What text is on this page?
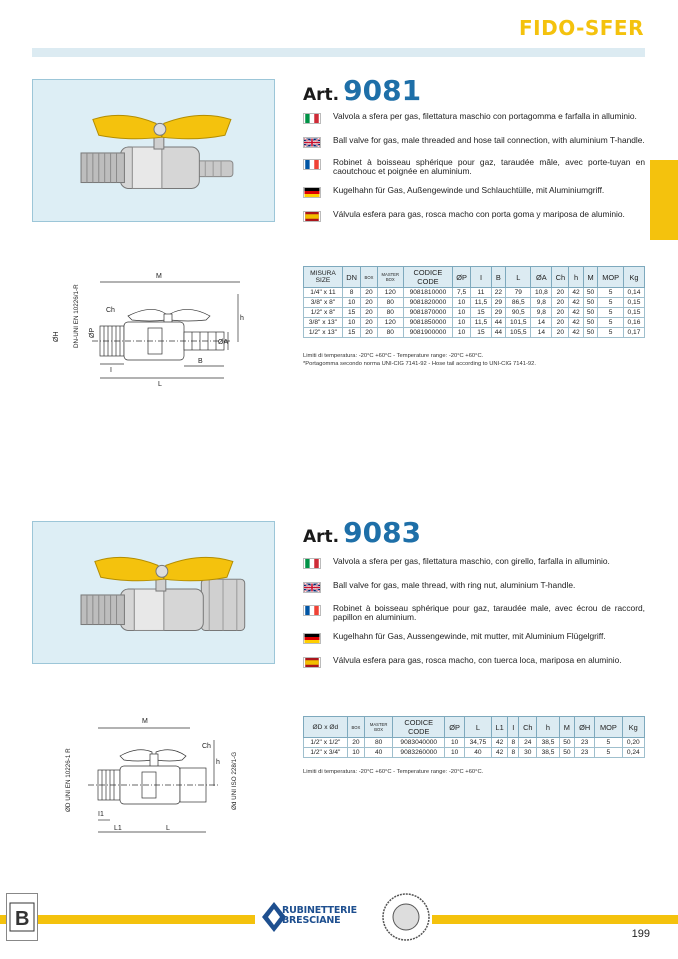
FIDO-SFER
Art. 9081
Valvola a sfera per gas, filettatura maschio con portagomma e farfalla in alluminio.
Ball valve for gas, male threaded and hose tail connection, with aluminium T-handle.
Robinet à boisseau sphérique pour gaz, taraudée mâle, avec porte-tuyan en caoutchouc et poignée en aluminium.
Kugelhahn für Gas, Außengewinde und Schlauchtülle, mit Aluminiumgriff.
Válvula esfera para gas, rosca macho con porta goma y mariposa de aluminio.
M
Ch
h
ØA
ØH DN-UNI EN 10226/1-R ØP
I
B
L
MISURA
SIZE	DN	BOX	MASTER
BOX	CODICE
CODE	ØP	I	B	L	ØA	Ch	h	M	MOP	Kg
1/4" x 11	8	20	120	9081810000	7,5	11	22	79	10,8	20	42	50	5	0,14
3/8" x 8"	10	20	80	9081820000	10	11,5	29	86,5	9,8	20	42	50	5	0,15
1/2" x 8"	15	20	80	9081870000	10	15	29	90,5	9,8	20	42	50	5	0,15
3/8" x 13"	10	20	120	9081850000	10	11,5	44	101,5	14	20	42	50	5	0,16
1/2" x 13"	15	20	80	9081900000	10	15	44	105,5	14	20	42	50	5	0,17
Limiti di temperatura: -20°C +60°C - Temperature range: -20°C +60°C.
*Portagomma secondo norma UNI-CIG 7141-92 - Hose tail according to UNI-CIG 7141-92.
Art. 9083
Valvola a sfera per gas, filettatura maschio, con girello, farfalla in alluminio.
Ball valve for gas, male thread, with ring nut, aluminium T-handle.
Robinet à boisseau sphérique pour gaz, taraudée male, avec écrou de raccord, papillon en aluminium.
Kugelhahn für Gas, Aussengewinde, mit mutter, mit Aluminium Flügelgriff.
Válvula esfera para gas, rosca macho, con tuerca loca, mariposa en aluminio.
M
Ch
h
ØD UNI EN 10226-1 R	Ød UNI ISO 228/1-G
I1
L1	L
ØD x Ød	BOX	MASTER
BOX	CODICE
CODE	ØP	L	L1	I	Ch	h	M	ØH	MOP	Kg
1/2" x 1/2"	20	80	9083040000	10	34,75	42	8	24	38,5	50	23	5	0,20
1/2" x 3/4"	10	40	9083260000	10	40	42	8	30	38,5	50	23	5	0,24
Limiti di temperatura: -20°C +60°C - Temperature range: -20°C +60°C.
B	RUBINETTERIE
BRESCIANE
199
